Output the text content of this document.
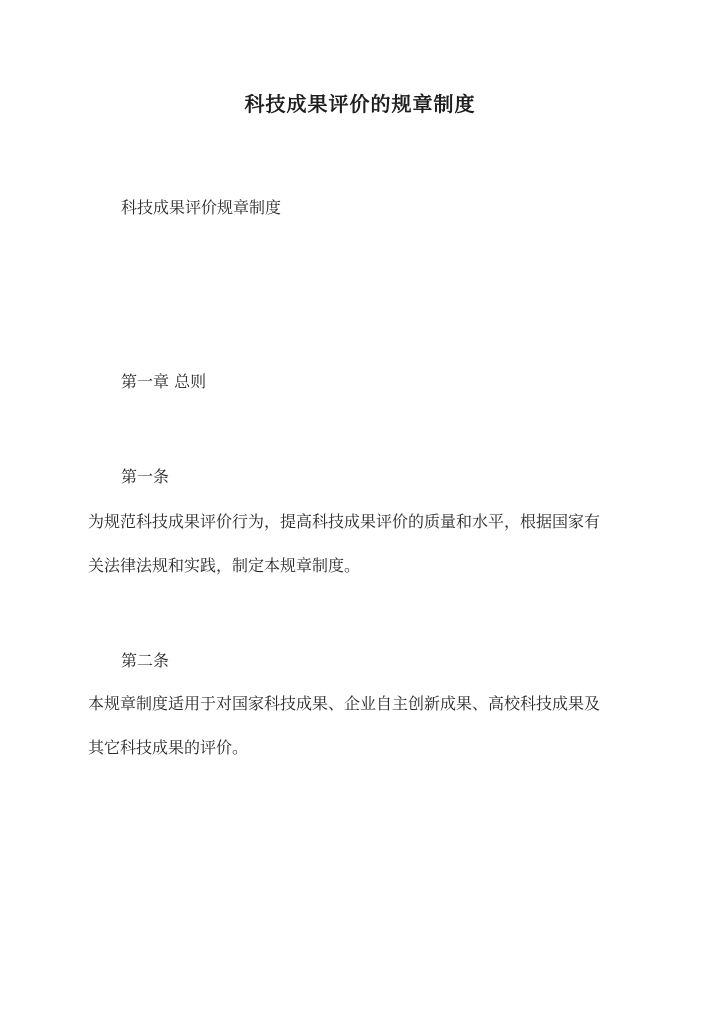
科技成果评价的规章制度

科技成果评价规章制度

第一章 总则

第一条

为规范科技成果评价行为，提高科技成果评价的质量和水平，根据国家有

关法律法规和实践，制定本规章制度。

第二条

本规章制度适用于对国家科技成果、企业自主创新成果、高校科技成果及

其它科技成果的评价。
